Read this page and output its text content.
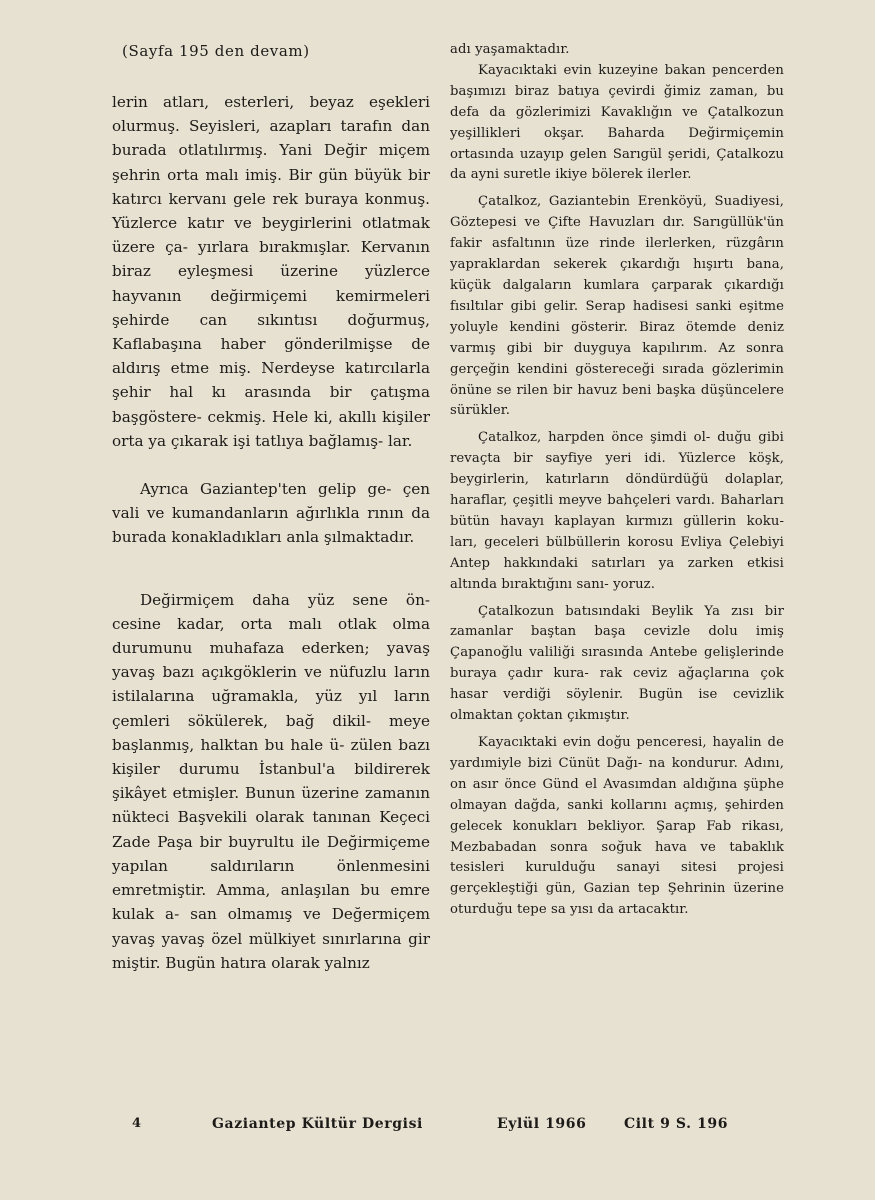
(Sayfa 195 den devam)

lerin atları, esterleri, beyaz eşekleri olurmuş. Seyisleri, azapları tarafın dan burada otlatılırmış. Yani Değir miçem şehrin orta malı imiş. Bir gün büyük bir katırcı kervanı gele rek buraya konmuş. Yüzlerce katır ve beygirlerini otlatmak üzere ça- yırlara bırakmışlar. Kervanın biraz eyleşmesi üzerine yüzlerce hayvanın değirmiçemi kemirmeleri şehirde can sıkıntısı doğurmuş, Kaflabaşına haber gönderilmişse de aldırış etme miş. Nerdeyse katırcılarla şehir hal kı arasında bir çatışma başgöstere- cekmiş. Hele ki, akıllı kişiler orta ya çıkarak işi tatlıya bağlamış- lar.

Ayrıca Gaziantep'ten gelip ge- çen vali ve kumandanların ağırlıkla rının da burada konakladıkları anla şılmaktadır.

Değirmiçem daha yüz sene ön- cesine kadar, orta malı otlak olma durumunu muhafaza ederken; yavaş yavaş bazı açıkgöklerin ve nüfuzlu ların istilalarına uğramakla, yüz yıl ların çemleri sökülerek, bağ dikil- meye başlanmış, halktan bu hale ü- zülen bazı kişiler durumu İstanbul'a bildirerek şikâyet etmişler. Bunun üzerine zamanın nükteci Başvekili olarak tanınan Keçeci Zade Paşa bir buyrultu ile Değirmiçeme yapılan saldırıların önlenmesini emretmiştir. Amma, anlaşılan bu emre kulak a- san olmamış ve Değermiçem yavaş yavaş özel mülkiyet sınırlarına gir miştir. Bugün hatıra olarak yalnız

adı yaşamaktadır.

Kayacıktaki evin kuzeyine bakan pencerden başımızı biraz batıya çevirdi ğimiz zaman, bu defa da gözlerimizi Kavaklığın ve Çatalkozun yeşillikleri okşar. Baharda Değirmiçemin ortasında uzayıp gelen Sarıgül şeridi, Çatalkozu da ayni suretle ikiye bölerek ilerler.

Çatalkoz, Gaziantebin Erenköyü, Suadiyesi, Göztepesi ve Çifte Havuzları dır. Sarıgüllük'ün fakir asfaltının üze rinde ilerlerken, rüzgârın yapraklardan sekerek çıkardığı hışırtı bana, küçük dalgaların kumlara çarparak çıkardığı fısıltılar gibi gelir. Serap hadisesi sanki eşitme yoluyle kendini gösterir. Biraz ötemde deniz varmış gibi bir duyguya kapılırım. Az sonra gerçeğin kendini göstereceği sırada gözlerimin önüne se rilen bir havuz beni başka düşüncelere sürükler.

Çatalkoz, harpden önce şimdi ol- duğu gibi revaçta bir sayfiye yeri idi. Yüzlerce köşk, beygirlerin, katırların döndürdüğü dolaplar, haraflar, çeşitli meyve bahçeleri vardı. Baharları bütün havayı kaplayan kırmızı güllerin koku- ları, geceleri bülbüllerin korosu Evliya Çelebiyi Antep hakkındaki satırları ya zarken etkisi altında bıraktığını sanı- yoruz.

Çatalkozun batısındaki Beylik Ya zısı bir zamanlar baştan başa cevizle dolu imiş Çapanoğlu valiliği sırasında Antebe gelişlerinde buraya çadır kura- rak ceviz ağaçlarına çok hasar verdiği söylenir. Bugün ise cevizlik olmaktan çoktan çıkmıştır.

Kayacıktaki evin doğu penceresi, hayalin de yardımiyle bizi Cünüt Dağı- na kondurur. Adını, on asır önce Günd el Avasımdan aldığına şüphe olmayan dağda, sanki kollarını açmış, şehirden gelecek konukları bekliyor. Şarap Fab rikası, Mezbabadan sonra soğuk hava ve tabaklık tesisleri kurulduğu sanayi sitesi projesi gerçekleştiği gün, Gazian tep Şehrinin üzerine oturduğu tepe sa yısı da artacaktır.

4	Gaziantep Kültür Dergisi	Eylül 1966	Cilt 9 S. 196
